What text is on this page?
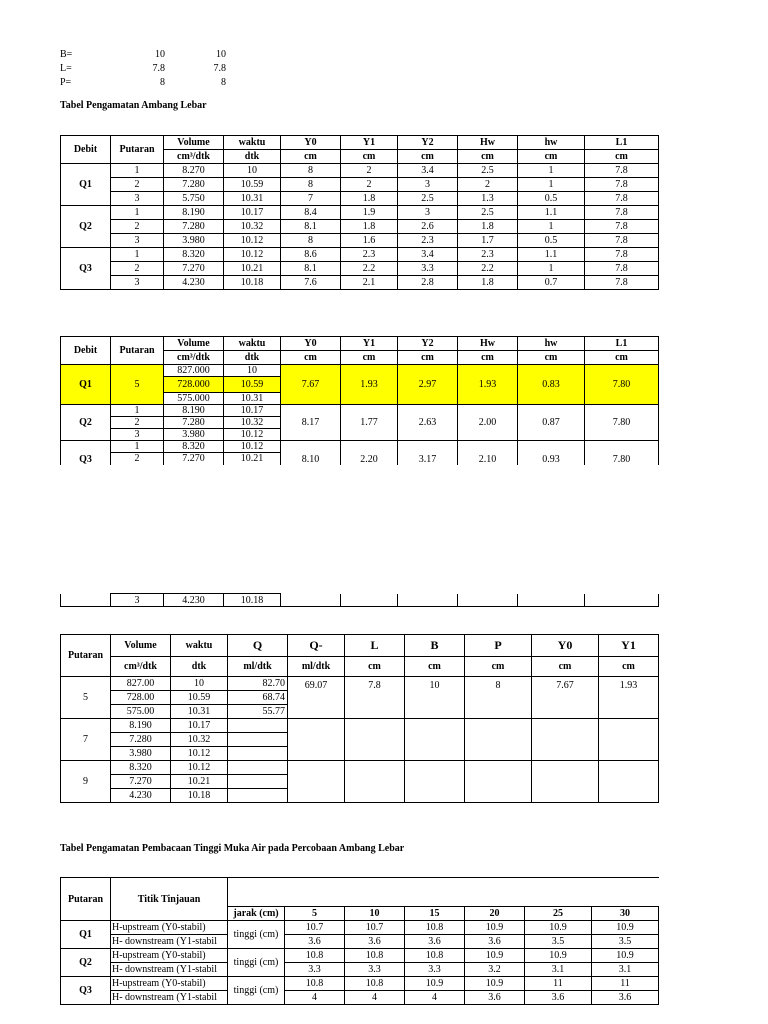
B=	10	10
L=	7.8	7.8
P=	8	8
Tabel Pengamatan Ambang Lebar
Debit	Putaran	Volume	waktu	Y0	Y1	Y2	Hw	hw	L1
		cm³/dtk	dtk	cm	cm	cm	cm	cm	cm
Q1	1	8.270	10	8	2	3.4	2.5	1	7.8
	2	7.280	10.59	8	2	3	2	1	7.8
	3	5.750	10.31	7	1.8	2.5	1.3	0.5	7.8
Q2	1	8.190	10.17	8.4	1.9	3	2.5	1.1	7.8
	2	7.280	10.32	8.1	1.8	2.6	1.8	1	7.8
	3	3.980	10.12	8	1.6	2.3	1.7	0.5	7.8
Q3	1	8.320	10.12	8.6	2.3	3.4	2.3	1.1	7.8
	2	7.270	10.21	8.1	2.2	3.3	2.2	1	7.8
	3	4.230	10.18	7.6	2.1	2.8	1.8	0.7	7.8
Debit	Putaran	Volume	waktu	Y0	Y1	Y2	Hw	hw	L1
		cm³/dtk	dtk	cm	cm	cm	cm	cm	cm
Q1	5	827.000	10	7.67	1.93	2.97	1.93	0.83	7.80
		728.000	10.59						
		575.000	10.31						
Q2	1	8.190	10.17	8.17	1.77	2.63	2.00	0.87	7.80
	2	7.280	10.32						
	3	3.980	10.12						
Q3	1	8.320	10.12	8.10	2.20	3.17	2.10	0.93	7.80
	2	7.270	10.21						
	3	4.230	10.18						
Putaran	Volume	waktu	Q	Q-	L	B	P	Y0	Y1
	cm³/dtk	dtk	ml/dtk	ml/dtk	cm	cm	cm	cm	cm
5	827.00	10	82.70	69.07	7.8	10	8	7.67	1.93
	728.00	10.59	68.74						
	575.00	10.31	55.77						
7	8.190	10.17							
	7.280	10.32							
	3.980	10.12							
9	8.320	10.12							
	7.270	10.21							
	4.230	10.18							
Tabel Pengamatan Pembacaan Tinggi Muka Air pada Percobaan Ambang Lebar
Putaran	Titik Tinjauan							
		jarak (cm)	5	10	15	20	25	30
Q1	H-upstream (Y0-stabil)	tinggi (cm)	10.7	10.7	10.8	10.9	10.9	10.9
	H- downstream (Y1-stabil		3.6	3.6	3.6	3.6	3.5	3.5
Q2	H-upstream (Y0-stabil)	tinggi (cm)	10.8	10.8	10.8	10.9	10.9	10.9
	H- downstream (Y1-stabil		3.3	3.3	3.3	3.2	3.1	3.1
Q3	H-upstream (Y0-stabil)	tinggi (cm)	10.8	10.8	10.9	10.9	11	11
	H- downstream (Y1-stabil		4	4	4	3.6	3.6	3.6
